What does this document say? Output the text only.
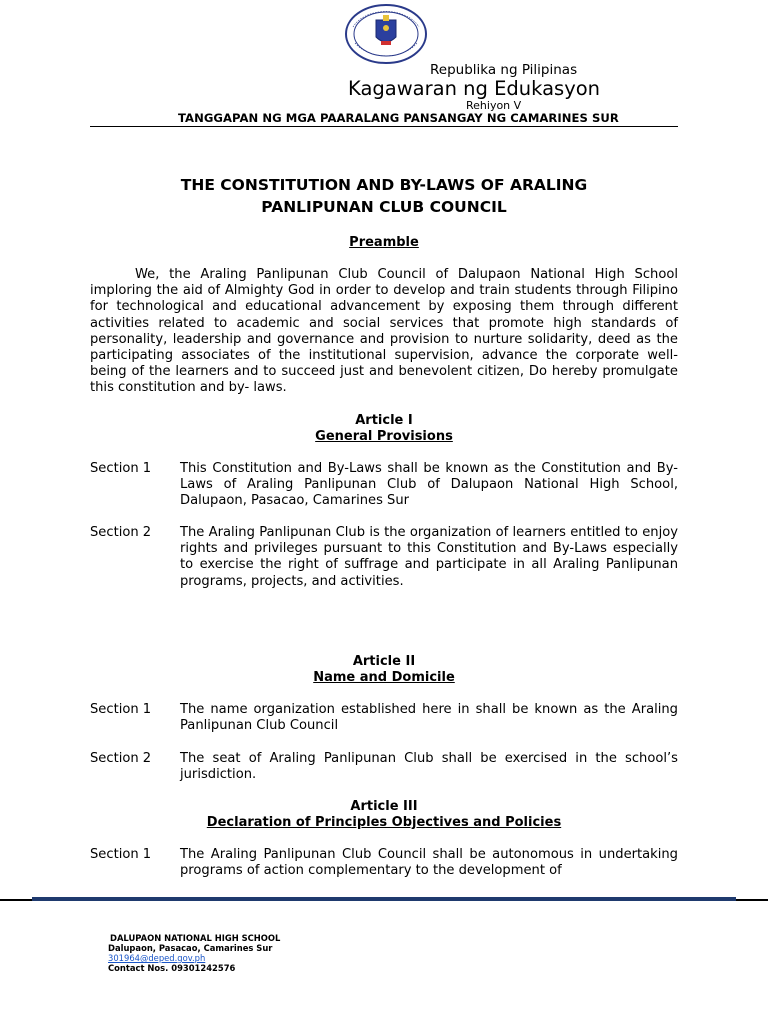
Republika ng Pilipinas
Kagawaran ng Edukasyon
Rehiyon V
TANGGAPAN NG MGA PAARALANG PANSANGAY NG CAMARINES SUR
THE CONSTITUTION AND BY-LAWS OF ARALING
PANLIPUNAN CLUB COUNCIL
Preamble
We, the Araling Panlipunan Club Council of Dalupaon National High School imploring the aid of Almighty God in order to develop and train students through Filipino for technological and educational advancement by exposing them through different activities related to academic and social services that promote high standards of personality, leadership and governance and provision to nurture solidarity, deed as the participating associates of the institutional supervision, advance the corporate well-being of the learners and to succeed just and benevolent citizen, Do hereby promulgate this constitution and by- laws.
Article I
General Provisions
Section 1	This Constitution and By-Laws shall be known as the Constitution and By-Laws of Araling Panlipunan Club of Dalupaon National High School, Dalupaon, Pasacao, Camarines Sur
Section 2	The Araling Panlipunan Club is the organization of learners entitled to enjoy rights and privileges pursuant to this Constitution and By-Laws especially to exercise the right of suffrage and participate in all Araling Panlipunan programs, projects, and activities.
Article II
Name and Domicile
Section 1	The name organization established here in shall be known as the Araling Panlipunan Club Council
Section 2	The seat of Araling Panlipunan Club shall be exercised in the school’s jurisdiction.
Article III
Declaration of Principles Objectives and Policies
Section 1	The Araling Panlipunan Club Council shall be autonomous in undertaking programs of action complementary to the development of
DALUPAON NATIONAL HIGH SCHOOL
Dalupaon, Pasacao, Camarines Sur
301964@deped.gov.ph
Contact Nos. 09301242576
